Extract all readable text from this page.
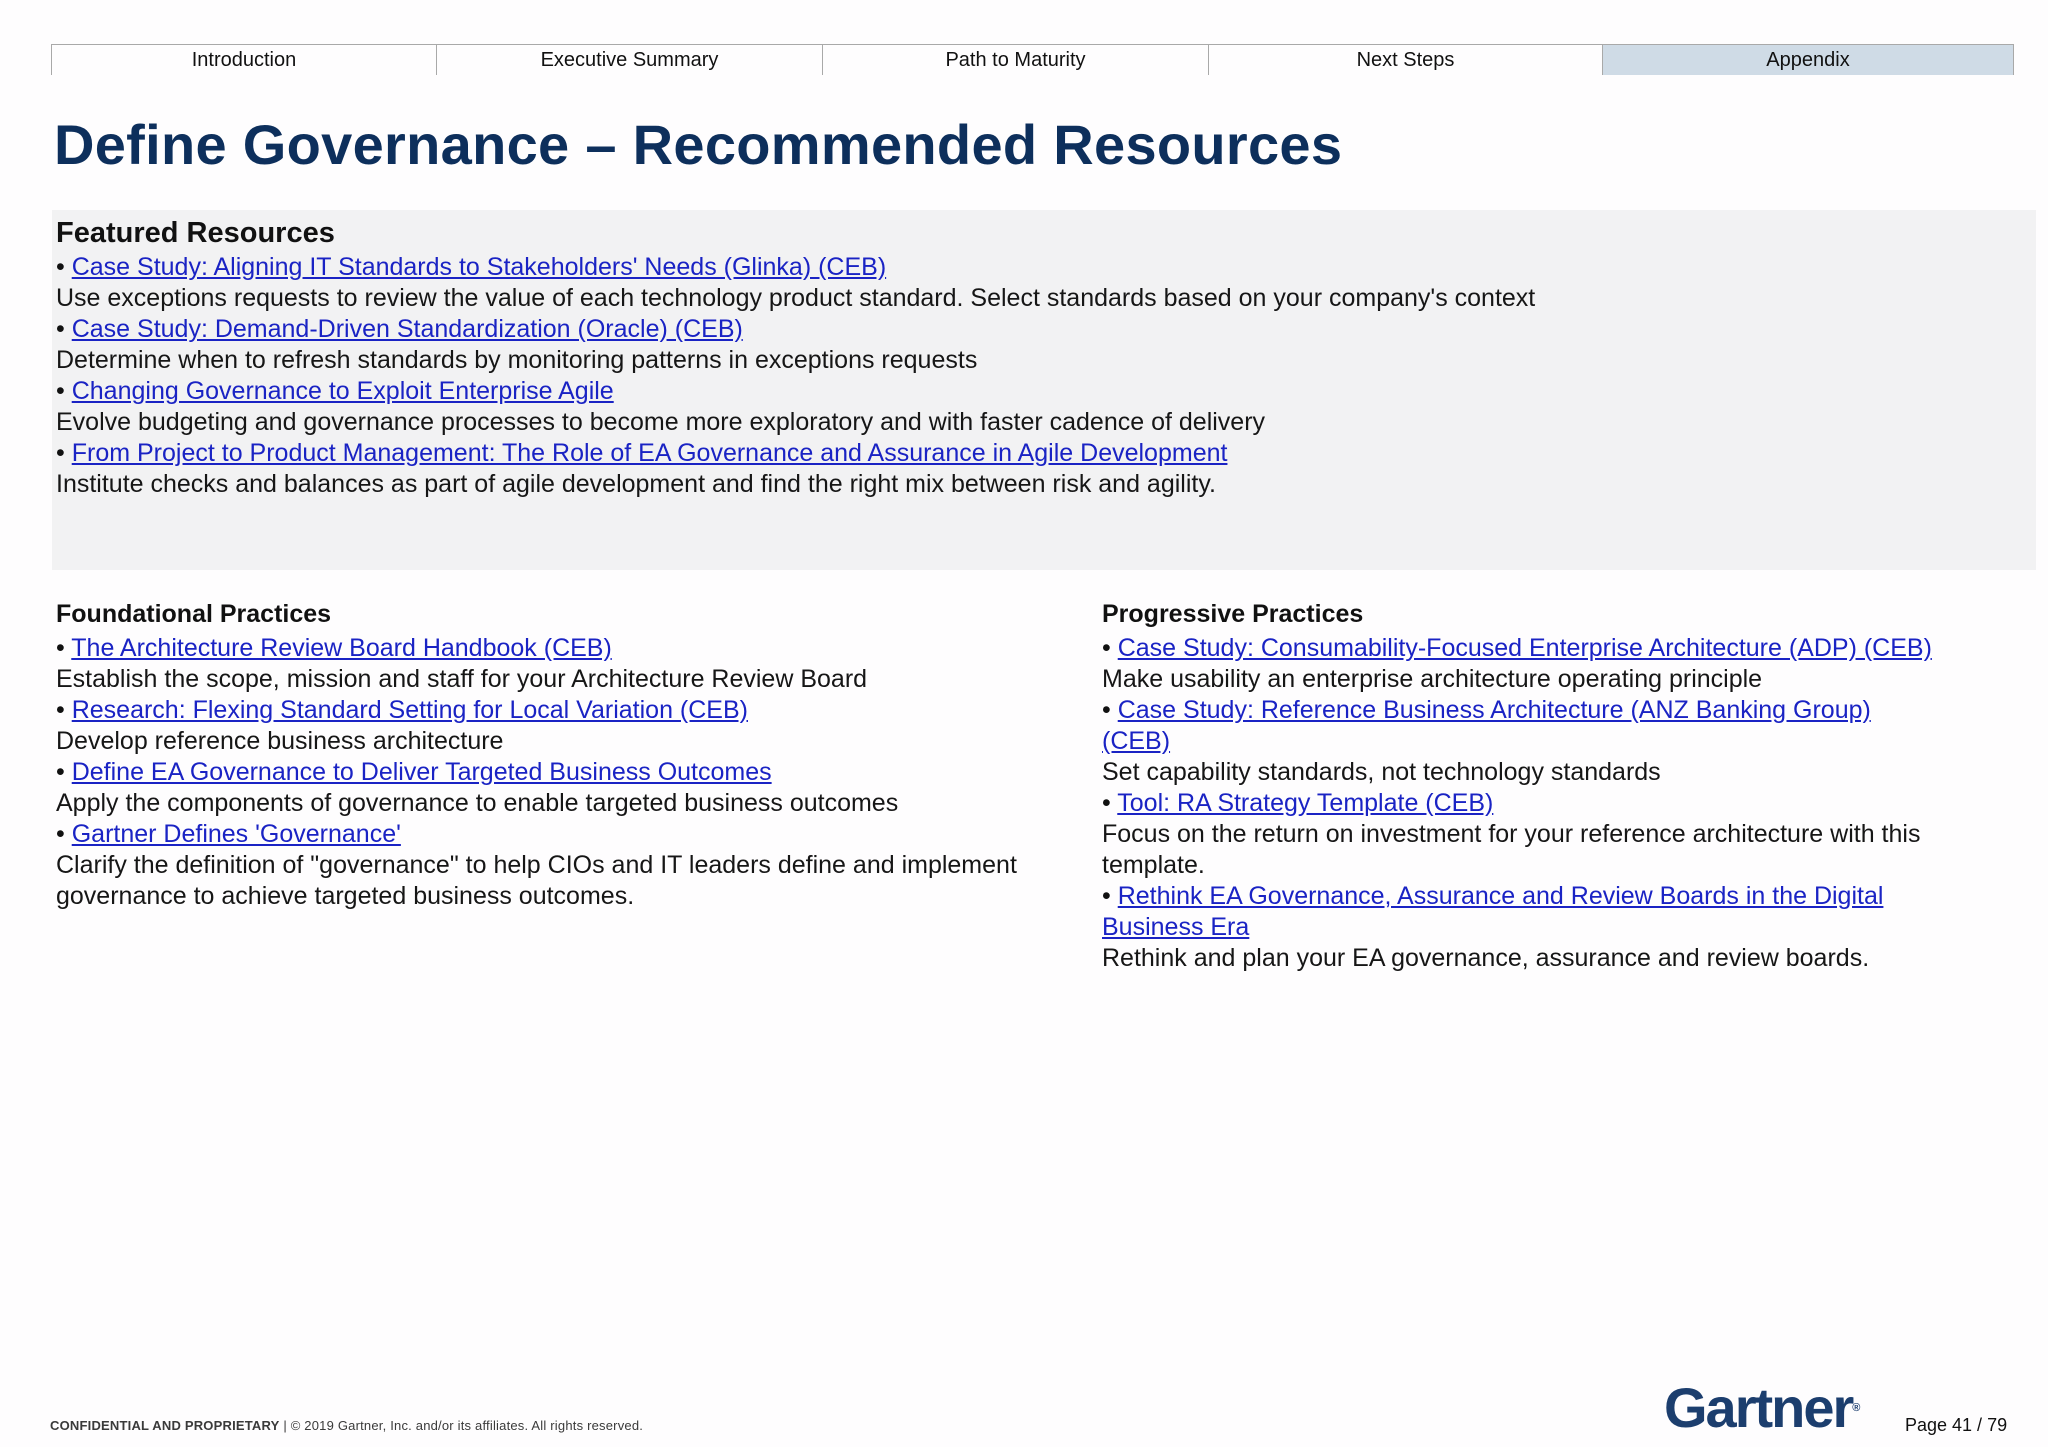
Introduction	Executive Summary	Path to Maturity	Next Steps	Appendix
Define Governance – Recommended Resources
Featured Resources
• Case Study: Aligning IT Standards to Stakeholders' Needs (Glinka) (CEB)
Use exceptions requests to review the value of each technology product standard. Select standards based on your company's context
• Case Study: Demand-Driven Standardization (Oracle) (CEB)
Determine when to refresh standards by monitoring patterns in exceptions requests
• Changing Governance to Exploit Enterprise Agile
Evolve budgeting and governance processes to become more exploratory and with faster cadence of delivery
• From Project to Product Management: The Role of EA Governance and Assurance in Agile Development
Institute checks and balances as part of agile development and find the right mix between risk and agility.
Foundational Practices
• The Architecture Review Board Handbook (CEB)
Establish the scope, mission and staff for your Architecture Review Board
• Research: Flexing Standard Setting for Local Variation (CEB)
Develop reference business architecture
• Define EA Governance to Deliver Targeted Business Outcomes
Apply the components of governance to enable targeted business outcomes
• Gartner Defines 'Governance'
Clarify the definition of "governance" to help CIOs and IT leaders define and implement governance to achieve targeted business outcomes.
Progressive Practices
• Case Study: Consumability-Focused Enterprise Architecture (ADP) (CEB)
Make usability an enterprise architecture operating principle
• Case Study: Reference Business Architecture (ANZ Banking Group) (CEB)
Set capability standards, not technology standards
• Tool: RA Strategy Template (CEB)
Focus on the return on investment for your reference architecture with this template.
• Rethink EA Governance, Assurance and Review Boards in the Digital Business Era
Rethink and plan your EA governance, assurance and review boards.
CONFIDENTIAL AND PROPRIETARY | © 2019 Gartner, Inc. and/or its affiliates. All rights reserved.	Gartner®
Page 41 / 79
